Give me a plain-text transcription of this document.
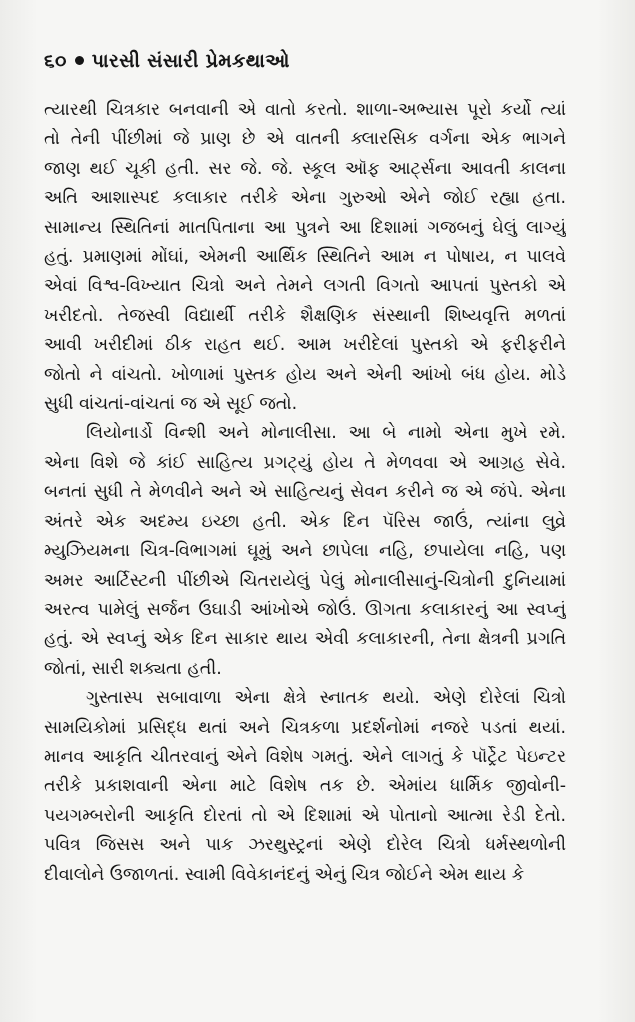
૬૦ પારસી સંસારી પ્રેમકથાઓ

ત્યારથી ચિત્રકાર બનવાની એ વાતો કરતો. શાળા-અભ્યાસ પૂરો કર્યો ત્યાં
તો તેની પીંછીમાં જે પ્રાણ છે એ વાતની ક્લારસિક વર્ગના એક ભાગને
જાણ થઈ ચૂકી હતી. સર જે. જે. સ્કૂલ ઑફ આર્ટ્સના આવતી કાલના
અતિ આશાસ્પદ કલાકાર તરીકે એના ગુરુઓ એને જોઈ રહ્યા હતા.
સામાન્ય સ્થિતિનાં માતપિતાના આ પુત્રને આ દિશામાં ગજબનું ઘેલું લાગ્યું
હતું. પ્રમાણમાં મોંઘાં, એમની આર્થિક સ્થિતિને આમ ન પોષાય, ન પાલવે
એવાં વિશ્વ-વિખ્યાત ચિત્રો અને તેમને લગતી વિગતો આપતાં પુસ્તકો એ
ખરીદતો. તેજસ્વી વિદ્યાર્થી તરીકે શૈક્ષણિક સંસ્થાની શિષ્યવૃત્તિ મળતાં
આવી ખરીદીમાં ઠીક રાહત થઈ. આમ ખરીદેલાં પુસ્તકો એ ફરીફરીને
જોતો ને વાંચતો. ખોળામાં પુસ્તક હોય અને એની આંખો બંધ હોય. મોડે
સુધી વાંચતાં-વાંચતાં જ એ સૂઈ જતો.

લિયોનાર્ડો વિન્શી અને મોનાલીસા. આ બે નામો એના મુખે રમે.
એના વિશે જે કાંઈ સાહિત્ય પ્રગટ્યું હોય તે મેળવવા એ આગ્રહ સેવે.
બનતાં સુધી તે મેળવીને અને એ સાહિત્યનું સેવન કરીને જ એ જંપે. એના
અંતરે એક અદમ્ય ઇચ્છા હતી. એક દિન પૅરિસ જાઉં, ત્યાંના લુવ્રે
મ્યુઝિયમના ચિત્ર-વિભાગમાં ઘૂમું અને છાપેલા નહિ, છપાયેલા નહિ, પણ
અમર આર્ટિસ્ટની પીંછીએ ચિતરાયેલું પેલું મોનાલીસાનું-ચિત્રોની દુનિયામાં
અરત્વ પામેલું સર્જન ઉઘાડી આંખોએ જોઉં. ઊગતા કલાકારનું આ સ્વપ્નું
હતું. એ સ્વપ્નું એક દિન સાકાર થાય એવી કલાકારની, તેના ક્ષેત્રની પ્રગતિ
જોતાં, સારી શક્યતા હતી.

ગુસ્તાસ્પ સબાવાળા એના ક્ષેત્રે સ્નાતક થયો. એણે દોરેલાં ચિત્રો
સામયિકોમાં પ્રસિદ્ધ થતાં અને ચિત્રકળા પ્રદર્શનોમાં નજરે પડતાં થયાં.
માનવ આકૃતિ ચીતરવાનું એને વિશેષ ગમતું. એને લાગતું કે પૉર્ટ્રેટ પેઇન્ટર
તરીકે પ્રકાશવાની એના માટે વિશેષ તક છે. એમાંય ધાર્મિક જીવોની-
પયગમ્બરોની આકૃતિ દોરતાં તો એ દિશામાં એ પોતાનો આત્મા રેડી દેતો.
પવિત્ર જિસસ અને પાક ઝરથુસ્ટ્રનાં એણે દોરેલ ચિત્રો ધર્મસ્થળોની
દીવાલોને ઉજાળતાં. સ્વામી વિવેકાનંદનું એનું ચિત્ર જોઈને એમ થાય કે
